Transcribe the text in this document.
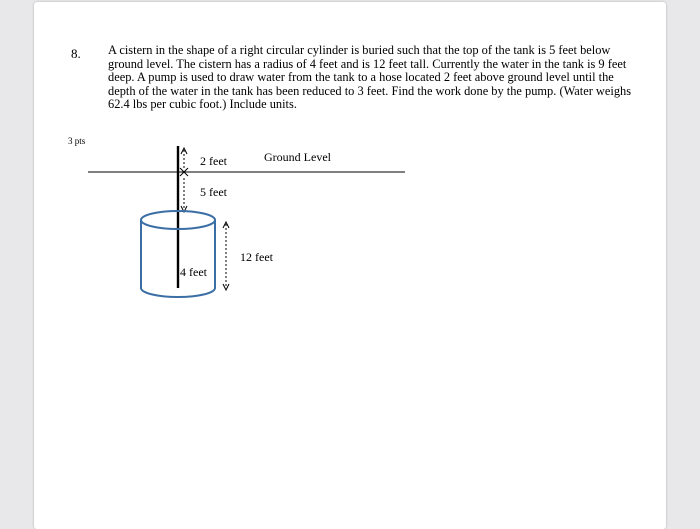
8. A cistern in the shape of a right circular cylinder is buried such that the top of the tank is 5 feet below ground level. The cistern has a radius of 4 feet and is 12 feet tall. Currently the water in the tank is 9 feet deep. A pump is used to draw water from the tank to a hose located 2 feet above ground level until the depth of the water in the tank has been reduced to 3 feet. Find the work done by the pump. (Water weighs 62.4 lbs per cubic foot.) Include units.
3 pts
Ground Level
2 feet
5 feet
12 feet
4 feet
